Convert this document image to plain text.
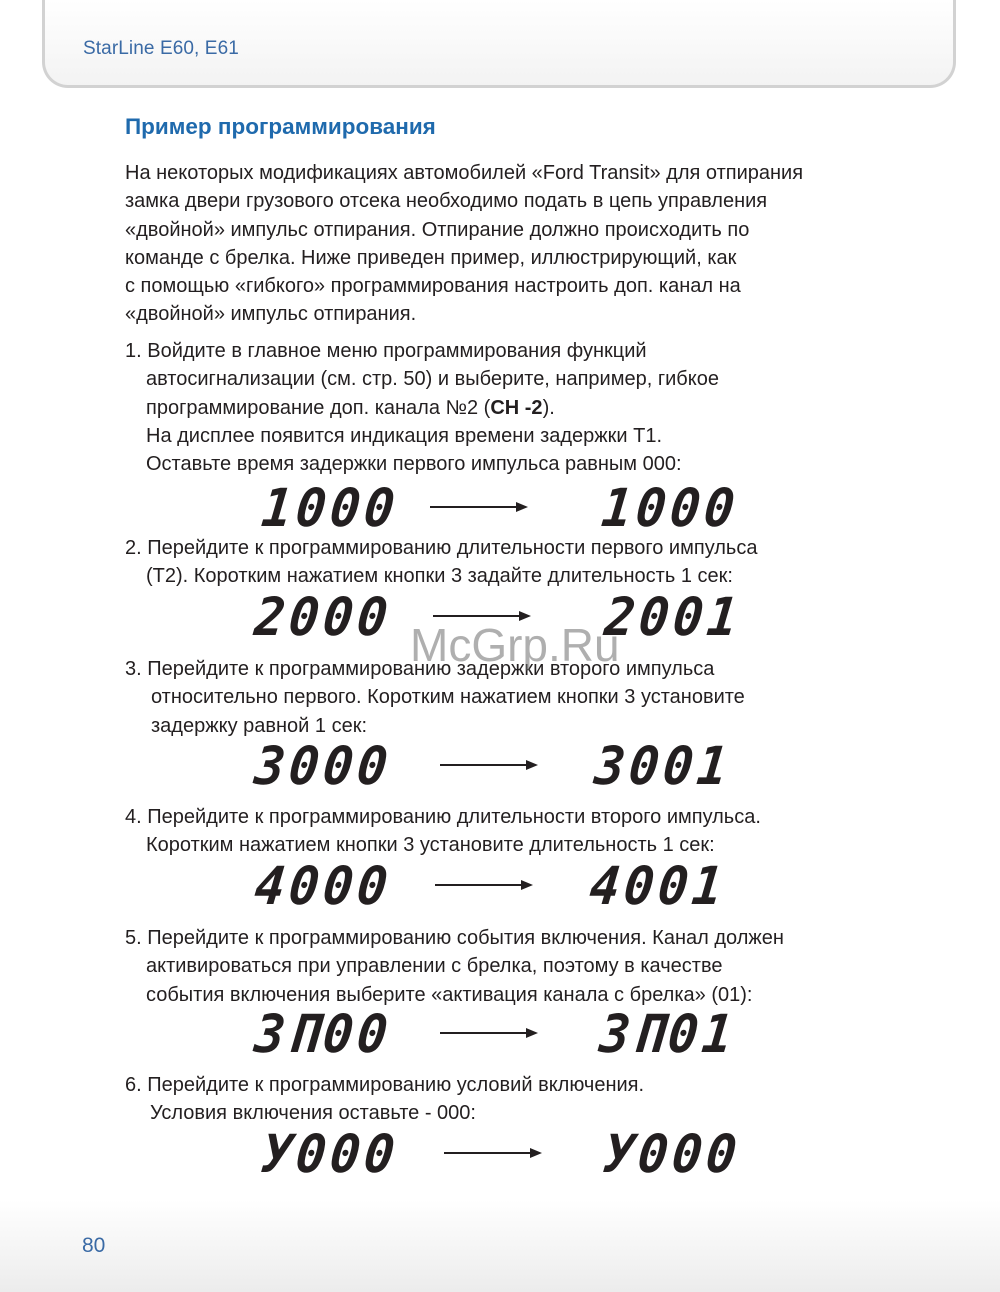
StarLine E60, E61
Пример программирования
На некоторых модификациях автомобилей «Ford Transit» для отпирания
замка двери грузового отсека необходимо подать в цепь управления
«двойной» импульс отпирания. Отпирание должно происходить по
команде с брелка. Ниже приведен пример, иллюстрирующий, как
с помощью «гибкого» программирования настроить доп. канал на
«двойной» импульс отпирания.
1. Войдите в главное меню программирования функций
автосигнализации (см. стр. 50) и выберите, например, гибкое
программирование доп. канала №2 (CH -2).
На дисплее появится индикация времени задержки Т1.
Оставьте время задержки первого импульса равным 000:
1000	1000
2. Перейдите к программированию длительности первого импульса
(Т2). Коротким нажатием кнопки 3 задайте длительность 1 сек:
2000	2001
3. Перейдите к программированию задержки второго импульса
относительно первого. Коротким нажатием кнопки 3 установите
задержку равной 1 сек:
3000	3001
4. Перейдите к программированию длительности второго импульса.
Коротким нажатием кнопки 3 установите длительность 1 сек:
4000	4001
5. Перейдите к программированию события включения. Канал должен
активироваться при управлении с брелка, поэтому в качестве
события включения выберите «активация канала с брелка» (01):
3П00	3П01
6. Перейдите к программированию условий включения.
Условия включения оставьте - 000:
У000	У000
McGrp.Ru
80
